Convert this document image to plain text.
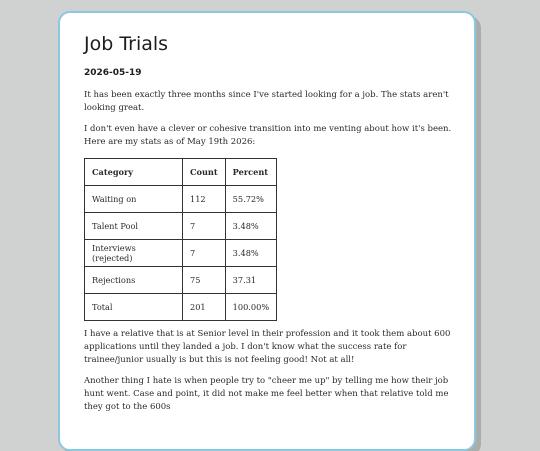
Job Trials
2026-05-19

It has been exactly three months since I've started looking for a job. The stats aren't looking great.

I don't even have a clever or cohesive transition into me venting about how it's been. Here are my stats as of May 19th 2026:

Category	Count	Percent
Waiting on	112	55.72%
Talent Pool	7	3.48%
Interviews (rejected)	7	3.48%
Rejections	75	37.31
Total	201	100.00%

I have a relative that is at Senior level in their profession and it took them about 600 applications until they landed a job. I don't know what the success rate for trainee/junior usually is but this is not feeling good! Not at all!

Another thing I hate is when people try to "cheer me up" by telling me how their job hunt went. Case and point, it did not make me feel better when that relative told me they got to the 600s
